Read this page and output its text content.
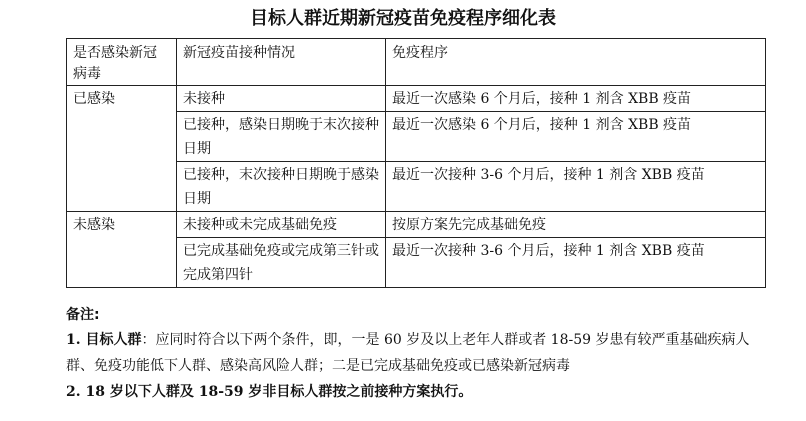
目标人群近期新冠疫苗免疫程序细化表
是否感染新冠病毒	新冠疫苗接种情况	免疫程序
已感染	未接种	最近一次感染 6 个月后，接种 1 剂含 XBB 疫苗
	已接种，感染日期晚于末次接种日期	最近一次感染 6 个月后，接种 1 剂含 XBB 疫苗
	已接种，末次接种日期晚于感染日期	最近一次接种 3-6 个月后，接种 1 剂含 XBB 疫苗
未感染	未接种或未完成基础免疫	按原方案先完成基础免疫
	已完成基础免疫或完成第三针或完成第四针	最近一次接种 3-6 个月后，接种 1 剂含 XBB 疫苗
备注:

1. 目标人群：应同时符合以下两个条件，即，一是 60 岁及以上老年人群或者 18-59 岁患有较严重基础疾病人群、免疫功能低下人群、感染高风险人群；二是已完成基础免疫或已感染新冠病毒

2. 18 岁以下人群及 18-59 岁非目标人群按之前接种方案执行。
